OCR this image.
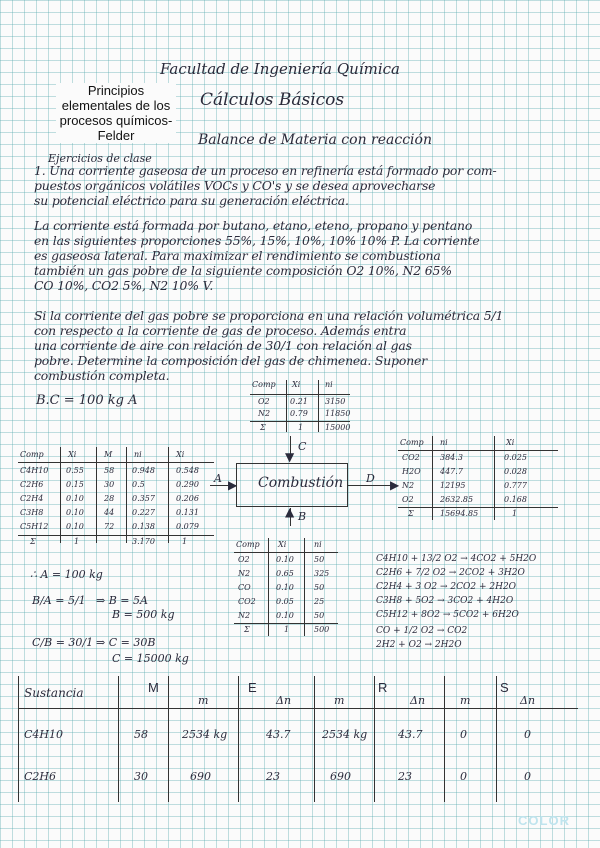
Principios elementales de los procesos químicos-Felder
Facultad de Ingeniería Química
Cálculos Básicos
Balance de Materia con reacción
Ejercicios de clase
1. Una corriente gaseosa de un proceso en refinería está formado por com-
puestos orgánicos volátiles VOCs y CO's y se desea aprovecharse
su potencial eléctrico para su generación eléctrica.
La corriente está formada por butano, etano, eteno, propano y pentano
en las siguientes proporciones 55%, 15%, 10%, 10% 10% P. La corriente
es gaseosa lateral. Para maximizar el rendimiento se combustiona
también un gas pobre de la siguiente composición O2 10%, N2 65%
CO 10%, CO2 5%, N2 10% V.
Si la corriente del gas pobre se proporciona en una relación volumétrica 5/1
con respecto a la corriente de gas de proceso. Además entra
una corriente de aire con relación de 30/1 con relación al gas
pobre. Determine la composición del gas de chimenea. Suponer
combustión completa.
B.C = 100 kg A
Comp Xi	ni
O2	0.21 3150
N2 0.79 11850
Σ	1	15000
▼
C
Comp	Xi	M	ni	Xi
C4H10 0.55	58 0.948	0.548
C2H6	0.15	30 0.5	0.290
C2H4	0.10	28 0.357	0.206
C3H8	0.10	44 0.227	0.131
C5H12 0.10	72 0.138	0.079
Σ	1	3.170	1
▶
A	Combustión	▶
D
▲ B
Comp ni	Xi
CO2	384.3	0.025
H2O 447.7	0.028
N2	12195	0.777
O2	2632.85	0.168
Σ	15694.85	1
Comp Xi	ni
O2	0.10	50
N2	0.65	325
CO	0.10	50
CO2	0.05	25
N2	0.10	50
Σ	1	500
∴ A = 100 kg
B/A = 5/1 ⇒ B = 5A
B = 500 kg
C/B = 30/1 ⇒ C = 30B
C = 15000 kg
C4H10 + 13/2 O2 → 4CO2 + 5H2O
C2H6 + 7/2 O2 → 2CO2 + 3H2O
C2H4 + 3 O2 → 2CO2 + 2H2O
C3H8 + 5O2 → 3CO2 + 4H2O
C5H12 + 8O2 → 5CO2 + 6H2O
CO + 1/2 O2 → CO2
2H2 + O2 → 2H2O
M	E	R	S
Sustancia
m	Δn	m	Δn	m	Δn
C4H10	58	2534 kg	43.7	2534 kg	43.7	0	0
C2H6	30	690	23	690	23	0	0
COLOR
